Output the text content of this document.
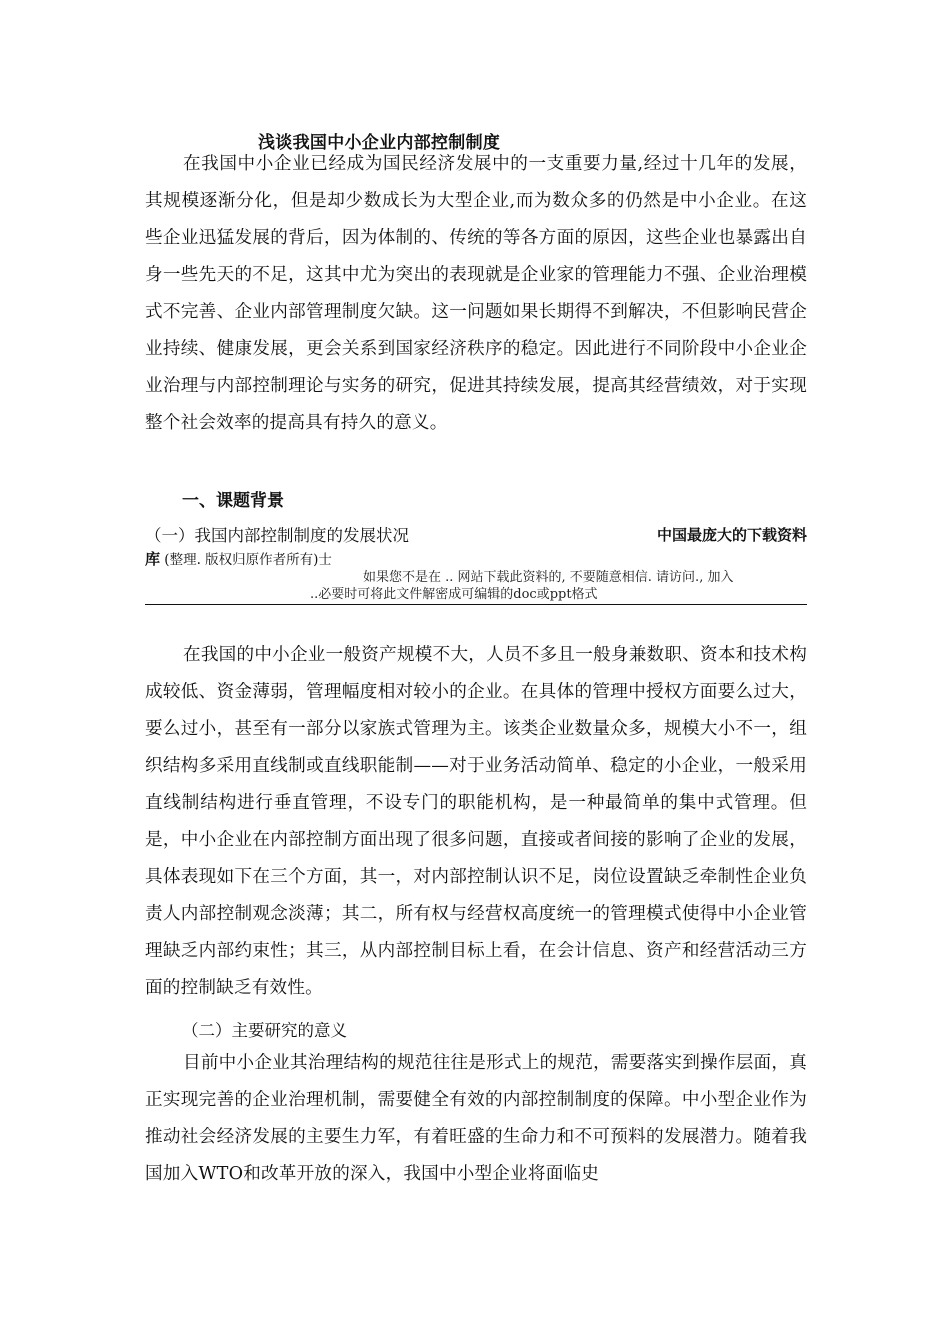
浅谈我国中小企业内部控制制度

在我国中小企业已经成为国民经济发展中的一支重要力量,经过十几年的发展，其规模逐渐分化，但是却少数成长为大型企业,而为数众多的仍然是中小企业。在这些企业迅猛发展的背后，因为体制的、传统的等各方面的原因，这些企业也暴露出自身一些先天的不足，这其中尤为突出的表现就是企业家的管理能力不强、企业治理模式不完善、企业内部管理制度欠缺。这一问题如果长期得不到解决，不但影响民营企业持续、健康发展，更会关系到国家经济秩序的稳定。因此进行不同阶段中小企业企业治理与内部控制理论与实务的研究，促进其持续发展，提高其经营绩效，对于实现整个社会效率的提高具有持久的意义。

一、课题背景
（一）我国内部控制制度的发展状况	中国最庞大的下载资料
库 (整理. 版权归原作者所有)士
如果您不是在 .. 网站下载此资料的, 不要随意相信. 请访问., 加入
..必要时可将此文件解密成可编辑的doc或ppt格式

在我国的中小企业一般资产规模不大，人员不多且一般身兼数职、资本和技术构成较低、资金薄弱，管理幅度相对较小的企业。在具体的管理中授权方面要么过大，要么过小，甚至有一部分以家族式管理为主。该类企业数量众多，规模大小不一，组织结构多采用直线制或直线职能制——对于业务活动简单、稳定的小企业，一般采用直线制结构进行垂直管理，不设专门的职能机构，是一种最简单的集中式管理。但是，中小企业在内部控制方面出现了很多问题，直接或者间接的影响了企业的发展，具体表现如下在三个方面，其一，对内部控制认识不足，岗位设置缺乏牵制性企业负责人内部控制观念淡薄；其二，所有权与经营权高度统一的管理模式使得中小企业管理缺乏内部约束性；其三，从内部控制目标上看，在会计信息、资产和经营活动三方面的控制缺乏有效性。

（二）主要研究的意义

目前中小企业其治理结构的规范往往是形式上的规范，需要落实到操作层面，真正实现完善的企业治理机制，需要健全有效的内部控制制度的保障。中小型企业作为推动社会经济发展的主要生力军，有着旺盛的生命力和不可预料的发展潜力。随着我国加入WTO和改革开放的深入，我国中小型企业将面临史
